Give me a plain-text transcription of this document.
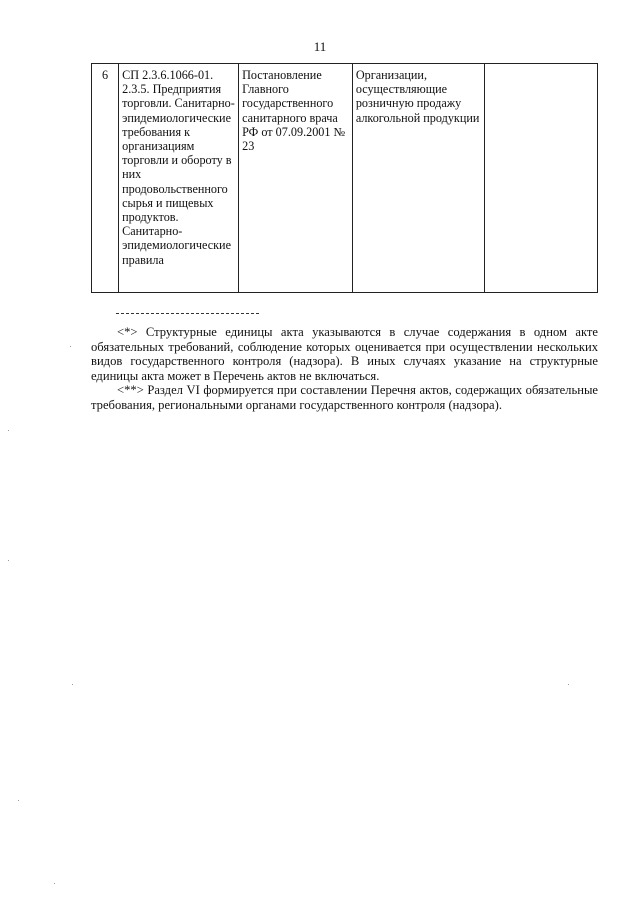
11
6	СП 2.3.6.1066-01. 2.3.5. Предприятия торговли. Санитарно-эпидемиологические требования к организациям торговли и обороту в них продовольственного сырья и пищевых продуктов. Санитарно-эпидемиологические правила	Постановление Главного государственного санитарного врача РФ от 07.09.2001 № 23	Организации, осуществляющие розничную продажу алкогольной продукции	

<*> Структурные единицы акта указываются в случае содержания в одном акте обязательных требований, соблюдение которых оценивается при осуществлении нескольких видов государственного контроля (надзора). В иных случаях указание на структурные единицы акта может в Перечень актов не включаться.

<**> Раздел VI формируется при составлении Перечня актов, содержащих обязательные требования, региональными органами государственного контроля (надзора).
